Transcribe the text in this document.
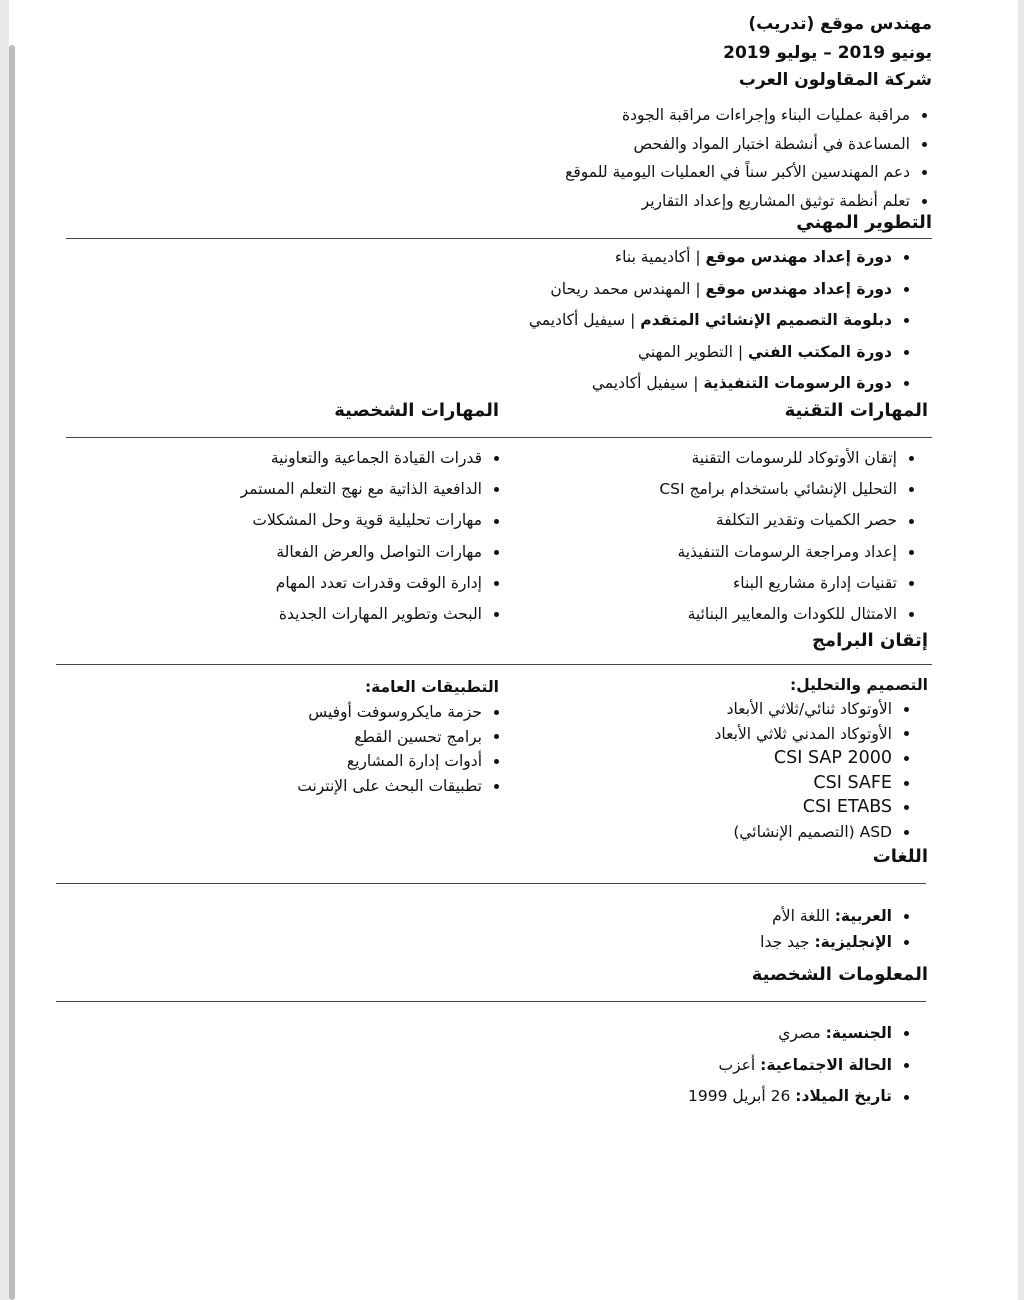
مهندس موقع (تدريب)
يونيو 2019 – يوليو 2019
شركة المقاولون العرب
مراقبة عمليات البناء وإجراءات مراقبة الجودة
المساعدة في أنشطة اختبار المواد والفحص
دعم المهندسين الأكبر سناً في العمليات اليومية للموقع
تعلم أنظمة توثيق المشاريع وإعداد التقارير
التطوير المهني
دورة إعداد مهندس موقع | أكاديمية بناء
دورة إعداد مهندس موقع | المهندس محمد ريحان
دبلومة التصميم الإنشائي المتقدم | سيفيل أكاديمي
دورة المكتب الفني | التطوير المهني
دورة الرسومات التنفيذية | سيفيل أكاديمي
المهارات التقنية
المهارات الشخصية
إتقان الأوتوكاد للرسومات التقنية
التحليل الإنشائي باستخدام برامج CSI
حصر الكميات وتقدير التكلفة
إعداد ومراجعة الرسومات التنفيذية
تقنيات إدارة مشاريع البناء
الامتثال للكودات والمعايير البنائية
قدرات القيادة الجماعية والتعاونية
الدافعية الذاتية مع نهج التعلم المستمر
مهارات تحليلية قوية وحل المشكلات
مهارات التواصل والعرض الفعالة
إدارة الوقت وقدرات تعدد المهام
البحث وتطوير المهارات الجديدة
إتقان البرامج
التصميم والتحليل:
التطبيقات العامة:
الأوتوكاد ثنائي/ثلاثي الأبعاد
الأوتوكاد المدني ثلاثي الأبعاد
CSI SAP 2000
CSI SAFE
CSI ETABS
ASD (التصميم الإنشائي)
حزمة مايكروسوفت أوفيس
برامج تحسين القطع
أدوات إدارة المشاريع
تطبيقات البحث على الإنترنت
اللغات
العربية: اللغة الأم
الإنجليزية: جيد جدا
المعلومات الشخصية
الجنسية: مصري
الحالة الاجتماعية: أعزب
تاريخ الميلاد: 26 أبريل 1999
